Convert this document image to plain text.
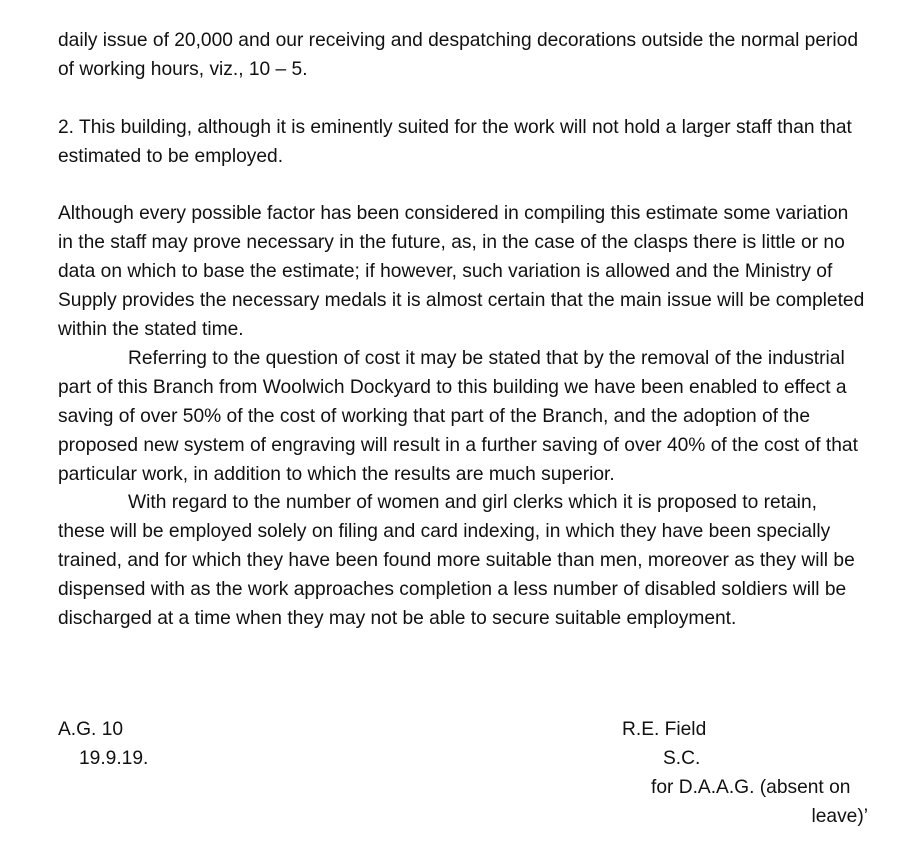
daily issue of 20,000 and our receiving and despatching decorations outside the normal period of working hours, viz., 10 – 5.

2. This building, although it is eminently suited for the work will not hold a larger staff than that estimated to be employed.

Although every possible factor has been considered in compiling this estimate some variation in the staff may prove necessary in the future, as, in the case of the clasps there is little or no data on which to base the estimate; if however, such variation is allowed and the Ministry of Supply provides the necessary medals it is almost certain that the main issue will be completed within the stated time.

Referring to the question of cost it may be stated that by the removal of the industrial part of this Branch from Woolwich Dockyard to this building we have been enabled to effect a saving of over 50% of the cost of working that part of the Branch, and the adoption of the proposed new system of engraving will result in a further saving of over 40% of the cost of that particular work, in addition to which the results are much superior.

With regard to the number of women and girl clerks which it is proposed to retain, these will be employed solely on filing and card indexing, in which they have been specially trained, and for which they have been found more suitable than men, moreover as they will be dispensed with as the work approaches completion a less number of disabled soldiers will be discharged at a time when they may not be able to secure suitable employment.

A.G. 10
19.9.19.
R.E. Field
S.C.
for D.A.A.G. (absent on
leave)’
